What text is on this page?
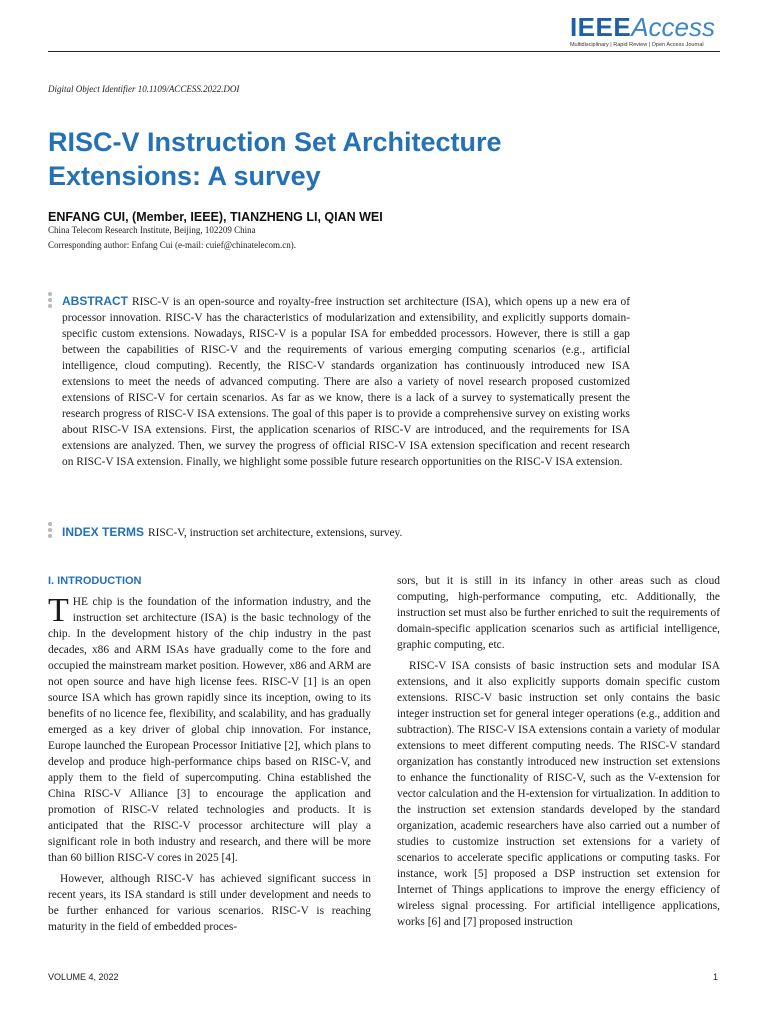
IEEEAccess
Multidisciplinary | Rapid Review | Open Access Journal
Digital Object Identifier 10.1109/ACCESS.2022.DOI
RISC-V Instruction Set Architecture Extensions: A survey
ENFANG CUI, (Member, IEEE), TIANZHENG LI, QIAN WEI
China Telecom Research Institute, Beijing, 102209 China
Corresponding author: Enfang Cui (e-mail: cuief@chinatelecom.cn).
ABSTRACT RISC-V is an open-source and royalty-free instruction set architecture (ISA), which opens up a new era of processor innovation. RISC-V has the characteristics of modularization and extensibility, and explicitly supports domain-specific custom extensions. Nowadays, RISC-V is a popular ISA for embedded processors. However, there is still a gap between the capabilities of RISC-V and the requirements of various emerging computing scenarios (e.g., artificial intelligence, cloud computing). Recently, the RISC-V standards organization has continuously introduced new ISA extensions to meet the needs of advanced computing. There are also a variety of novel research proposed customized extensions of RISC-V for certain scenarios. As far as we know, there is a lack of a survey to systematically present the research progress of RISC-V ISA extensions. The goal of this paper is to provide a comprehensive survey on existing works about RISC-V ISA extensions. First, the application scenarios of RISC-V are introduced, and the requirements for ISA extensions are analyzed. Then, we survey the progress of official RISC-V ISA extension specification and recent research on RISC-V ISA extension. Finally, we highlight some possible future research opportunities on the RISC-V ISA extension.
INDEX TERMS RISC-V, instruction set architecture, extensions, survey.
I. INTRODUCTION

THE chip is the foundation of the information industry, and the instruction set architecture (ISA) is the basic technology of the chip. In the development history of the chip industry in the past decades, x86 and ARM ISAs have gradually come to the fore and occupied the mainstream market position. However, x86 and ARM are not open source and have high license fees. RISC-V [1] is an open source ISA which has grown rapidly since its inception, owing to its benefits of no licence fee, flexibility, and scalability, and has gradually emerged as a key driver of global chip innovation. For instance, Europe launched the European Processor Initiative [2], which plans to develop and produce high-performance chips based on RISC-V, and apply them to the field of supercomputing. China established the China RISC-V Alliance [3] to encourage the application and promotion of RISC-V related technologies and products. It is anticipated that the RISC-V processor architecture will play a significant role in both industry and research, and there will be more than 60 billion RISC-V cores in 2025 [4].

However, although RISC-V has achieved significant success in recent years, its ISA standard is still under development and needs to be further enhanced for various scenarios. RISC-V is reaching maturity in the field of embedded proces-

sors, but it is still in its infancy in other areas such as cloud computing, high-performance computing, etc. Additionally, the instruction set must also be further enriched to suit the requirements of domain-specific application scenarios such as artificial intelligence, graphic computing, etc.

RISC-V ISA consists of basic instruction sets and modular ISA extensions, and it also explicitly supports domain specific custom extensions. RISC-V basic instruction set only contains the basic integer instruction set for general integer operations (e.g., addition and subtraction). The RISC-V ISA extensions contain a variety of modular extensions to meet different computing needs. The RISC-V standard organization has constantly introduced new instruction set extensions to enhance the functionality of RISC-V, such as the V-extension for vector calculation and the H-extension for virtualization. In addition to the instruction set extension standards developed by the standard organization, academic researchers have also carried out a number of studies to customize instruction set extensions for a variety of scenarios to accelerate specific applications or computing tasks. For instance, work [5] proposed a DSP instruction set extension for Internet of Things applications to improve the energy efficiency of wireless signal processing. For artificial intelligence applications, works [6] and [7] proposed instruction

VOLUME 4, 2022	1
